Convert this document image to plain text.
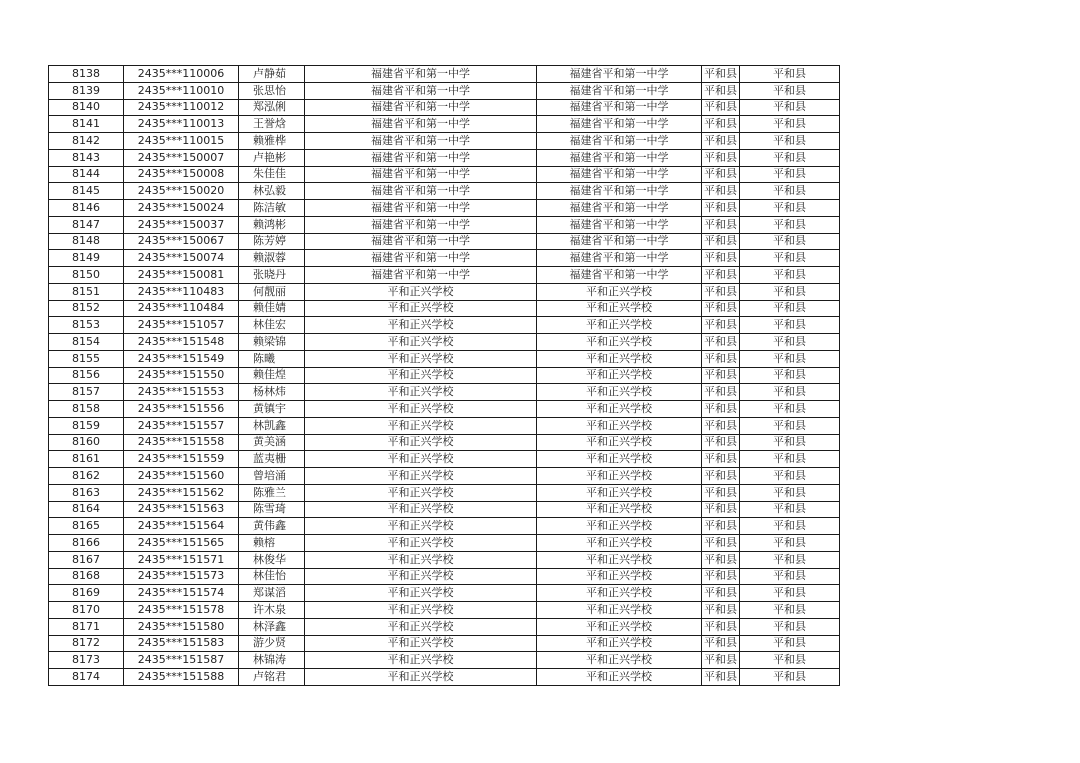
8138	2435***110006	卢静茹	福建省平和第一中学	福建省平和第一中学	平和县	平和县
8139	2435***110010	张思怡	福建省平和第一中学	福建省平和第一中学	平和县	平和县
8140	2435***110012	郑泓俐	福建省平和第一中学	福建省平和第一中学	平和县	平和县
8141	2435***110013	王誉焓	福建省平和第一中学	福建省平和第一中学	平和县	平和县
8142	2435***110015	赖雅桦	福建省平和第一中学	福建省平和第一中学	平和县	平和县
8143	2435***150007	卢艳彬	福建省平和第一中学	福建省平和第一中学	平和县	平和县
8144	2435***150008	朱佳佳	福建省平和第一中学	福建省平和第一中学	平和县	平和县
8145	2435***150020	林弘毅	福建省平和第一中学	福建省平和第一中学	平和县	平和县
8146	2435***150024	陈洁敏	福建省平和第一中学	福建省平和第一中学	平和县	平和县
8147	2435***150037	赖鸿彬	福建省平和第一中学	福建省平和第一中学	平和县	平和县
8148	2435***150067	陈芳婷	福建省平和第一中学	福建省平和第一中学	平和县	平和县
8149	2435***150074	赖淑蓉	福建省平和第一中学	福建省平和第一中学	平和县	平和县
8150	2435***150081	张晓丹	福建省平和第一中学	福建省平和第一中学	平和县	平和县
8151	2435***110483	何靓丽	平和正兴学校	平和正兴学校	平和县	平和县
8152	2435***110484	赖佳婧	平和正兴学校	平和正兴学校	平和县	平和县
8153	2435***151057	林佳宏	平和正兴学校	平和正兴学校	平和县	平和县
8154	2435***151548	赖梁锦	平和正兴学校	平和正兴学校	平和县	平和县
8155	2435***151549	陈曦	平和正兴学校	平和正兴学校	平和县	平和县
8156	2435***151550	赖佳煌	平和正兴学校	平和正兴学校	平和县	平和县
8157	2435***151553	杨林炜	平和正兴学校	平和正兴学校	平和县	平和县
8158	2435***151556	黄镇宇	平和正兴学校	平和正兴学校	平和县	平和县
8159	2435***151557	林凯鑫	平和正兴学校	平和正兴学校	平和县	平和县
8160	2435***151558	黄美涵	平和正兴学校	平和正兴学校	平和县	平和县
8161	2435***151559	蓝夷栅	平和正兴学校	平和正兴学校	平和县	平和县
8162	2435***151560	曾培涌	平和正兴学校	平和正兴学校	平和县	平和县
8163	2435***151562	陈雅兰	平和正兴学校	平和正兴学校	平和县	平和县
8164	2435***151563	陈雪琦	平和正兴学校	平和正兴学校	平和县	平和县
8165	2435***151564	黄伟鑫	平和正兴学校	平和正兴学校	平和县	平和县
8166	2435***151565	赖榕	平和正兴学校	平和正兴学校	平和县	平和县
8167	2435***151571	林俊华	平和正兴学校	平和正兴学校	平和县	平和县
8168	2435***151573	林佳怡	平和正兴学校	平和正兴学校	平和县	平和县
8169	2435***151574	郑谋滔	平和正兴学校	平和正兴学校	平和县	平和县
8170	2435***151578	许木泉	平和正兴学校	平和正兴学校	平和县	平和县
8171	2435***151580	林泽鑫	平和正兴学校	平和正兴学校	平和县	平和县
8172	2435***151583	游少贤	平和正兴学校	平和正兴学校	平和县	平和县
8173	2435***151587	林锦涛	平和正兴学校	平和正兴学校	平和县	平和县
8174	2435***151588	卢铭君	平和正兴学校	平和正兴学校	平和县	平和县
